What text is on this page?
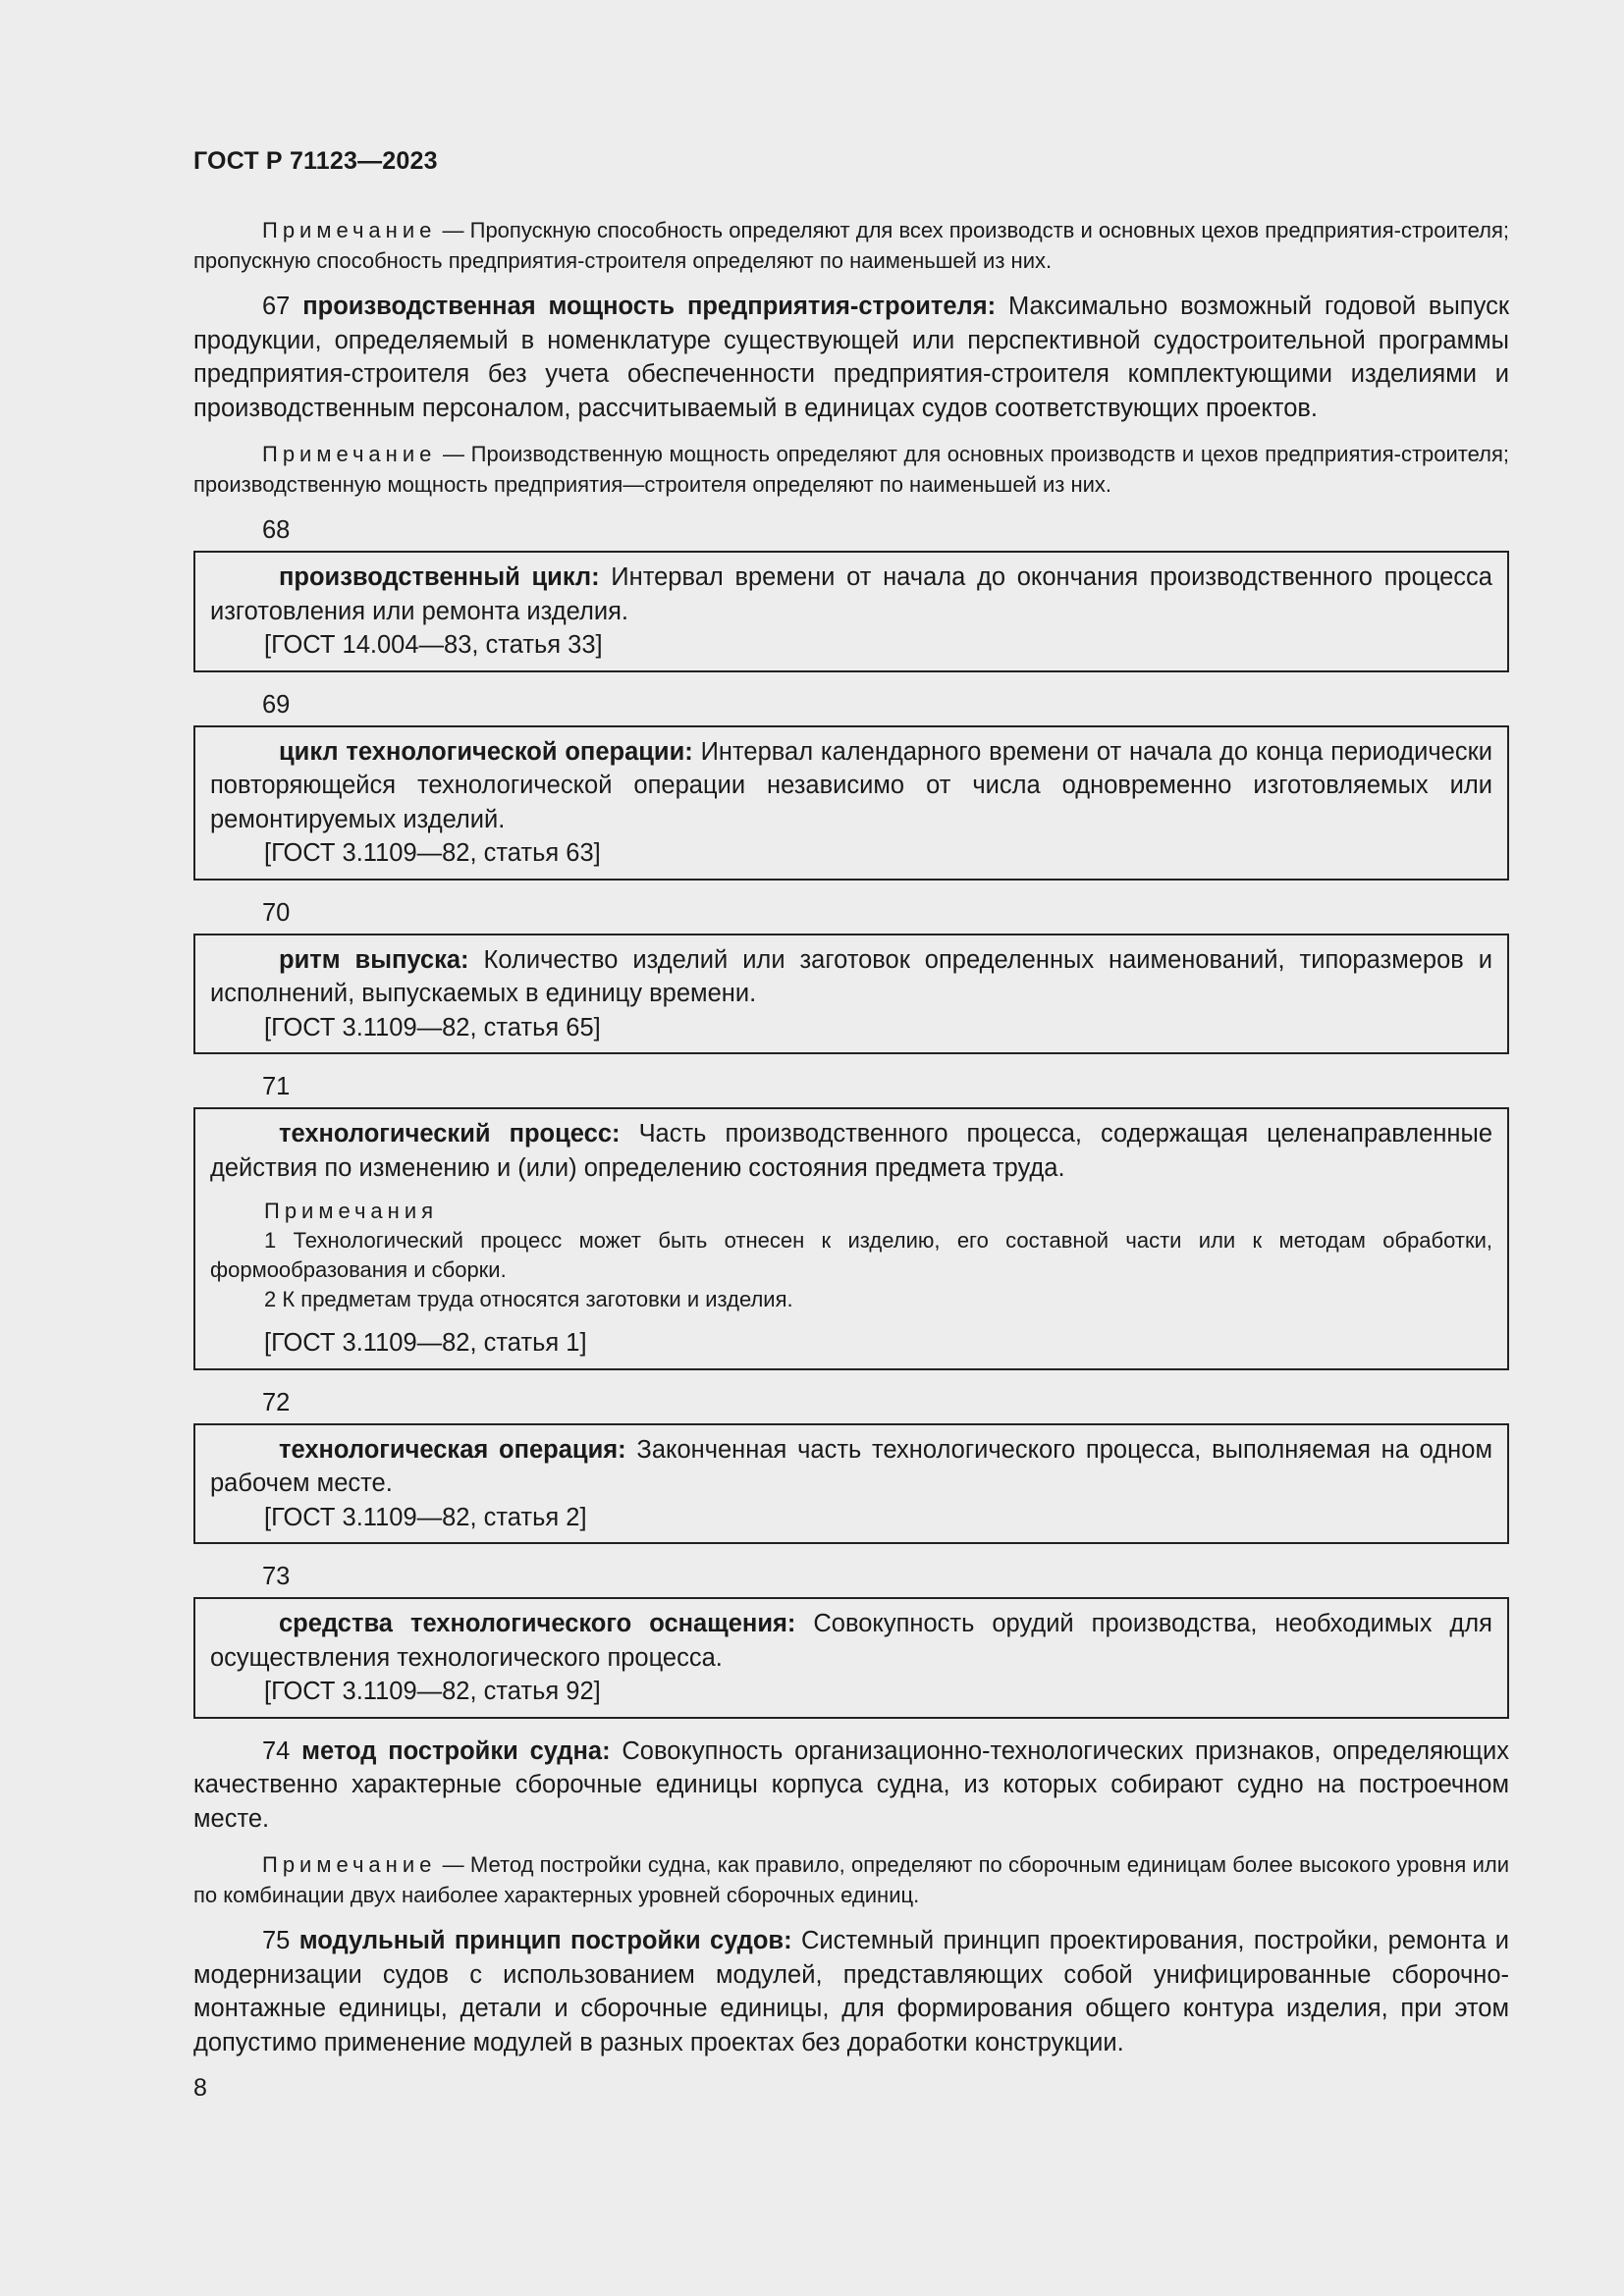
ГОСТ Р 71123—2023

Примечание — Пропускную способность определяют для всех производств и основных цехов предприятия-строителя; пропускную способность предприятия-строителя определяют по наименьшей из них.

67 производственная мощность предприятия-строителя: Максимально возможный годовой выпуск продукции, определяемый в номенклатуре существующей или перспективной судостроительной программы предприятия-строителя без учета обеспеченности предприятия-строителя комплектующими изделиями и производственным персоналом, рассчитываемый в единицах судов соответствующих проектов.

Примечание — Производственную мощность определяют для основных производств и цехов предприятия-строителя; производственную мощность предприятия—строителя определяют по наименьшей из них.

68

производственный цикл: Интервал времени от начала до окончания производственного процесса изготовления или ремонта изделия.

[ГОСТ 14.004—83, статья 33]
69

цикл технологической операции: Интервал календарного времени от начала до конца периодически повторяющейся технологической операции независимо от числа одновременно изготовляемых или ремонтируемых изделий.

[ГОСТ 3.1109—82, статья 63]
70

ритм выпуска: Количество изделий или заготовок определенных наименований, типоразмеров и исполнений, выпускаемых в единицу времени.

[ГОСТ 3.1109—82, статья 65]
71

технологический процесс: Часть производственного процесса, содержащая целенаправленные действия по изменению и (или) определению состояния предмета труда.

Примечания

1 Технологический процесс может быть отнесен к изделию, его составной части или к методам обработки, формообразования и сборки.

2 К предметам труда относятся заготовки и изделия.

[ГОСТ 3.1109—82, статья 1]
72

технологическая операция: Законченная часть технологического процесса, выполняемая на одном рабочем месте.

[ГОСТ 3.1109—82, статья 2]
73

средства технологического оснащения: Совокупность орудий производства, необходимых для осуществления технологического процесса.

[ГОСТ 3.1109—82, статья 92]

74 метод постройки судна: Совокупность организационно-технологических признаков, определяющих качественно характерные сборочные единицы корпуса судна, из которых собирают судно на построечном месте.

Примечание — Метод постройки судна, как правило, определяют по сборочным единицам более высокого уровня или по комбинации двух наиболее характерных уровней сборочных единиц.

75 модульный принцип постройки судов: Системный принцип проектирования, постройки, ремонта и модернизации судов с использованием модулей, представляющих собой унифицированные сборочно-монтажные единицы, детали и сборочные единицы, для формирования общего контура изделия, при этом допустимо применение модулей в разных проектах без доработки конструкции.

8
